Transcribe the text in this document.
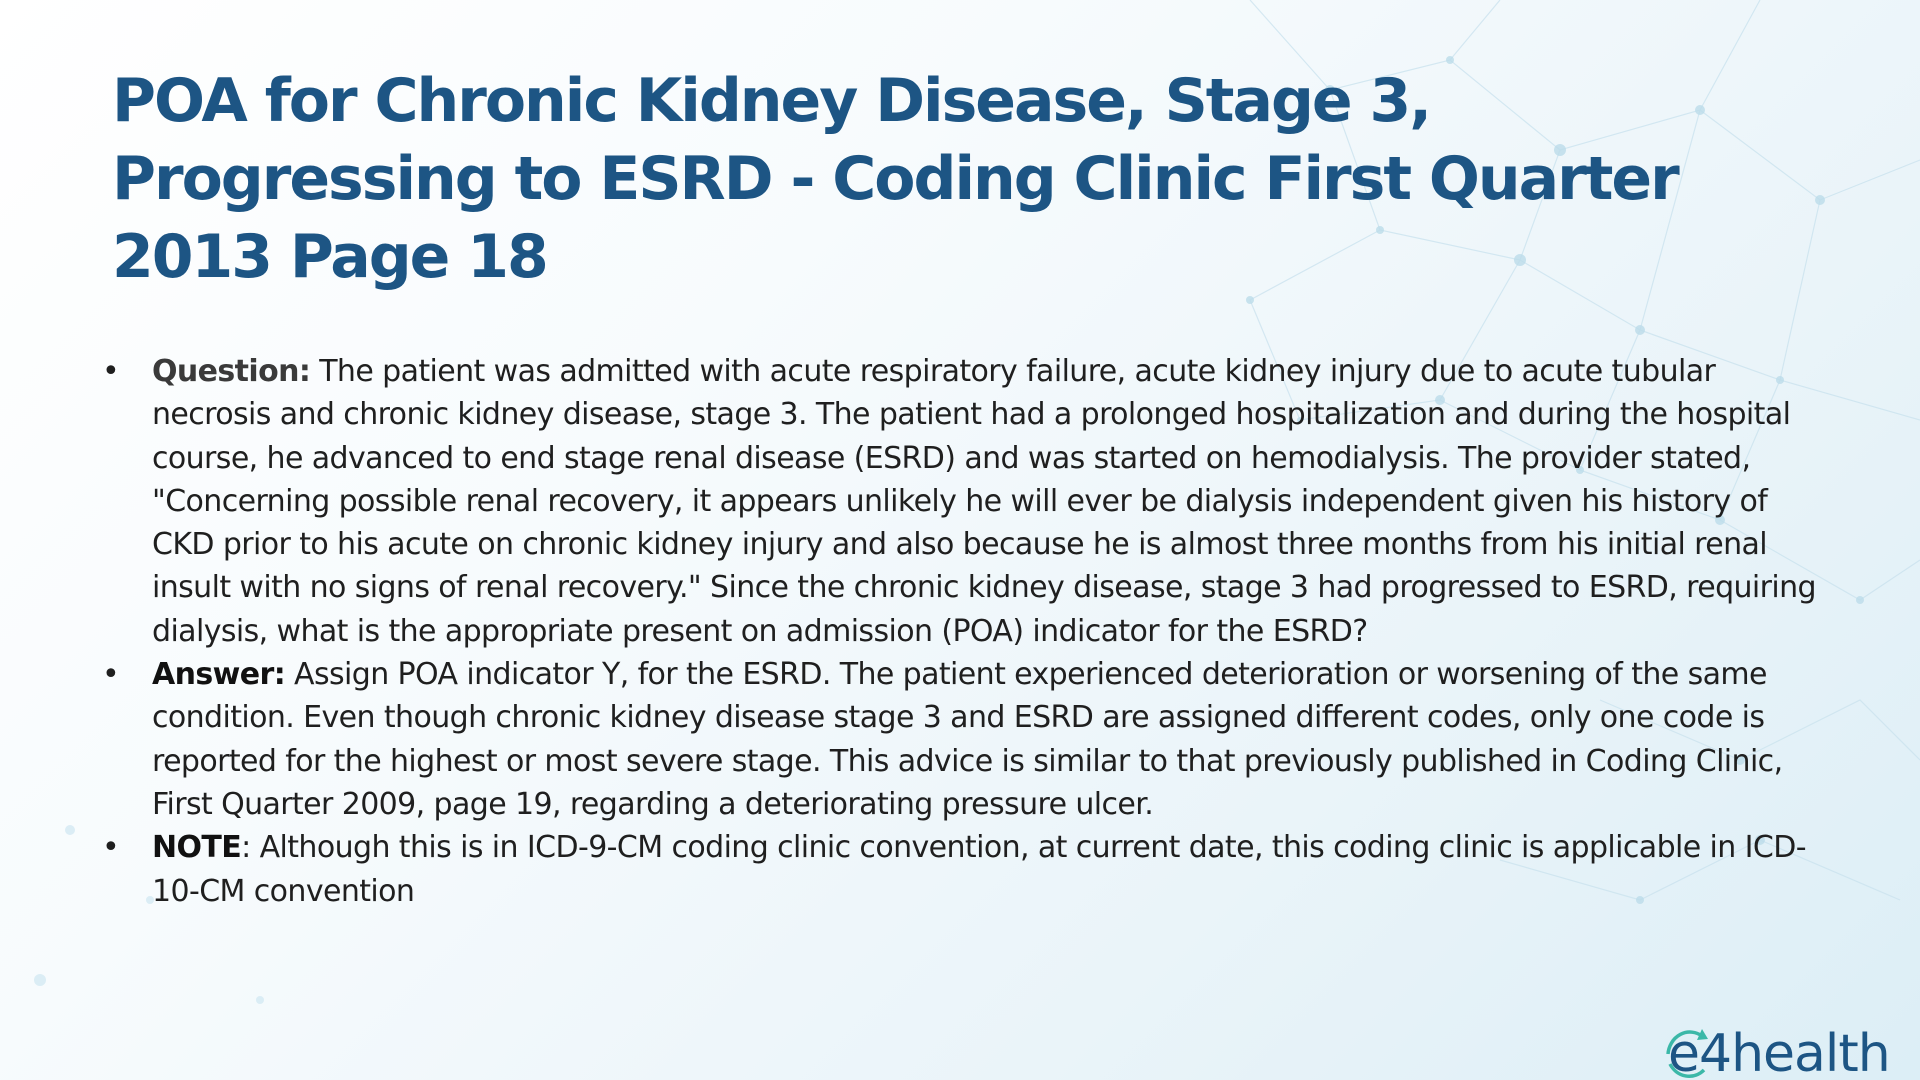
POA for Chronic Kidney Disease, Stage 3, Progressing to ESRD - Coding Clinic First Quarter 2013 Page 18
• Question: The patient was admitted with acute respiratory failure, acute kidney injury due to acute tubular necrosis and chronic kidney disease, stage 3. The patient had a prolonged hospitalization and during the hospital course, he advanced to end stage renal disease (ESRD) and was started on hemodialysis. The provider stated, "Concerning possible renal recovery, it appears unlikely he will ever be dialysis independent given his history of CKD prior to his acute on chronic kidney injury and also because he is almost three months from his initial renal insult with no signs of renal recovery." Since the chronic kidney disease, stage 3 had progressed to ESRD, requiring dialysis, what is the appropriate present on admission (POA) indicator for the ESRD?
• Answer: Assign POA indicator Y, for the ESRD. The patient experienced deterioration or worsening of the same condition. Even though chronic kidney disease stage 3 and ESRD are assigned different codes, only one code is reported for the highest or most severe stage. This advice is similar to that previously published in Coding Clinic, First Quarter 2009, page 19, regarding a deteriorating pressure ulcer.
• NOTE: Although this is in ICD-9-CM coding clinic convention, at current date, this coding clinic is applicable in ICD-10-CM convention
e4health
